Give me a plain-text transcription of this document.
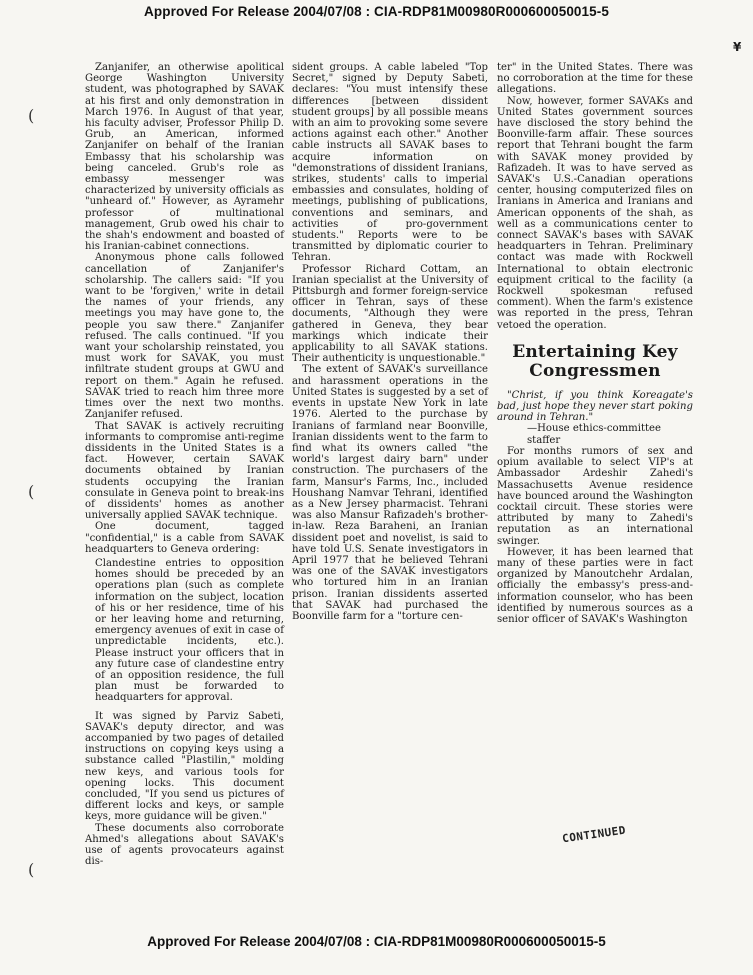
Approved For Release 2004/07/08 : CIA-RDP81M00980R000600050015-5
¥
(
(
(

Zanjanifer, an otherwise apolitical George Washington University student, was photographed by SAVAK at his first and only demonstration in March 1976. In August of that year, his faculty adviser, Professor Philip D. Grub, an American, informed Zanjanifer on behalf of the Iranian Embassy that his scholarship was being canceled. Grub's role as embassy messenger was characterized by university officials as "unheard of." However, as Ayramehr professor of multinational management, Grub owed his chair to the shah's endowment and boasted of his Iranian-cabinet connections.

Anonymous phone calls followed cancellation of Zanjanifer's scholarship. The callers said: "If you want to be 'forgiven,' write in detail the names of your friends, any meetings you may have gone to, the people you saw there." Zanjanifer refused. The calls continued. "If you want your scholarship reinstated, you must work for SAVAK, you must infiltrate student groups at GWU and report on them." Again he refused. SAVAK tried to reach him three more times over the next two months. Zanjanifer refused.

That SAVAK is actively recruiting informants to compromise anti-regime dissidents in the United States is a fact. However, certain SAVAK documents obtained by Iranian students occupying the Iranian consulate in Geneva point to break-ins of dissidents' homes as another universally applied SAVAK technique.

One document, tagged "confidential," is a cable from SAVAK headquarters to Geneva ordering:

Clandestine entries to opposition homes should be preceded by an operations plan (such as complete information on the subject, location of his or her residence, time of his or her leaving home and returning, emergency avenues of exit in case of unpredictable incidents, etc.). Please instruct your officers that in any future case of clandestine entry of an opposition residence, the full plan must be forwarded to headquarters for approval.

It was signed by Parviz Sabeti, SAVAK's deputy director, and was accompanied by two pages of detailed instructions on copying keys using a substance called "Plastilin," molding new keys, and various tools for opening locks. This document concluded, "If you send us pictures of different locks and keys, or sample keys, more guidance will be given."

These documents also corroborate Ahmed's allegations about SAVAK's use of agents provocateurs against dis-

sident groups. A cable labeled "Top Secret," signed by Deputy Sabeti, declares: "You must intensify these differences [between dissident student groups] by all possible means with an aim to provoking some severe actions against each other." Another cable instructs all SAVAK bases to acquire information on "demonstrations of dissident Iranians, strikes, students' calls to imperial embassies and consulates, holding of meetings, publishing of publications, conventions and seminars, and activities of pro-government students." Reports were to be transmitted by diplomatic courier to Tehran.

Professor Richard Cottam, an Iranian specialist at the University of Pittsburgh and former foreign-service officer in Tehran, says of these documents, "Although they were gathered in Geneva, they bear markings which indicate their applicability to all SAVAK stations. Their authenticity is unquestionable."

The extent of SAVAK's surveillance and harassment operations in the United States is suggested by a set of events in upstate New York in late 1976. Alerted to the purchase by Iranians of farmland near Boonville, Iranian dissidents went to the farm to find what its owners called "the world's largest dairy barn" under construction. The purchasers of the farm, Mansur's Farms, Inc., included Houshang Namvar Tehrani, identified as a New Jersey pharmacist. Tehrani was also Mansur Rafizadeh's brother-in-law. Reza Baraheni, an Iranian dissident poet and novelist, is said to have told U.S. Senate investigators in April 1977 that he believed Tehrani was one of the SAVAK investigators who tortured him in an Iranian prison. Iranian dissidents asserted that SAVAK had purchased the Boonville farm for a "torture cen-

ter" in the United States. There was no corroboration at the time for these allegations.

Now, however, former SAVAKs and United States government sources have disclosed the story behind the Boonville-farm affair. These sources report that Tehrani bought the farm with SAVAK money provided by Rafizadeh. It was to have served as SAVAK's U.S.-Canadian operations center, housing computerized files on Iranians in America and Iranians and American opponents of the shah, as well as a communications center to connect SAVAK's bases with SAVAK headquarters in Tehran. Preliminary contact was made with Rockwell International to obtain electronic equipment critical to the facility (a Rockwell spokesman refused comment). When the farm's existence was reported in the press, Tehran vetoed the operation.

Entertaining Key
Congressmen

"Christ, if you think Koreagate's bad, just hope they never start poking around in Tehran."

—House ethics-committee staffer

For months rumors of sex and opium available to select VIP's at Ambassador Ardeshir Zahedi's Massachusetts Avenue residence have bounced around the Washington cocktail circuit. These stories were attributed by many to Zahedi's reputation as an international swinger.

However, it has been learned that many of these parties were in fact organized by Manoutchehr Ardalan, officially the embassy's press-and-information counselor, who has been identified by numerous sources as a senior officer of SAVAK's Washington

CONTINUED
Approved For Release 2004/07/08 : CIA-RDP81M00980R000600050015-5
